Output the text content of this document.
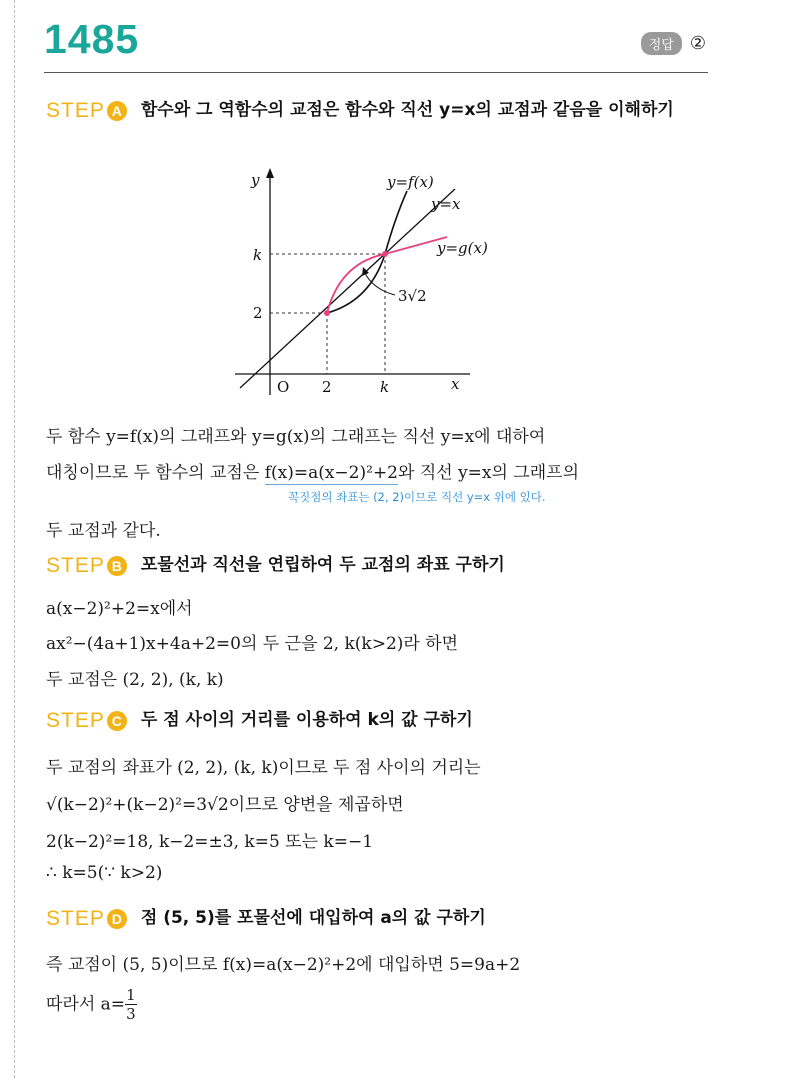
1485	정답 ②
STEP A 함수와 그 역함수의 교점은 함수와 직선 y=x의 교점과 같음을 이해하기
y
x
O
y=f(x)
y=x
y=g(x)
k
2
2	k
3√2
두 함수 y=f(x)의 그래프와 y=g(x)의 그래프는 직선 y=x에 대하여
대칭이므로 두 함수의 교점은 f(x)=a(x−2)²+2와 직선 y=x의 그래프의
꼭짓점의 좌표는 (2, 2)이므로 직선 y=x 위에 있다.
두 교점과 같다.
STEP B 포물선과 직선을 연립하여 두 교점의 좌표 구하기
a(x−2)²+2=x에서
ax²−(4a+1)x+4a+2=0의 두 근을 2, k(k>2)라 하면
두 교점은 (2, 2), (k, k)
STEP C 두 점 사이의 거리를 이용하여 k의 값 구하기
두 교점의 좌표가 (2, 2), (k, k)이므로 두 점 사이의 거리는
√(k−2)²+(k−2)²=3√2이므로 양변을 제곱하면
2(k−2)²=18, k−2=±3, k=5 또는 k=−1
∴ k=5(∵ k>2)
STEP D 점 (5, 5)를 포물선에 대입하여 a의 값 구하기
즉 교점이 (5, 5)이므로 f(x)=a(x−2)²+2에 대입하면 5=9a+2
따라서 $a= \frac{1}{3}$
